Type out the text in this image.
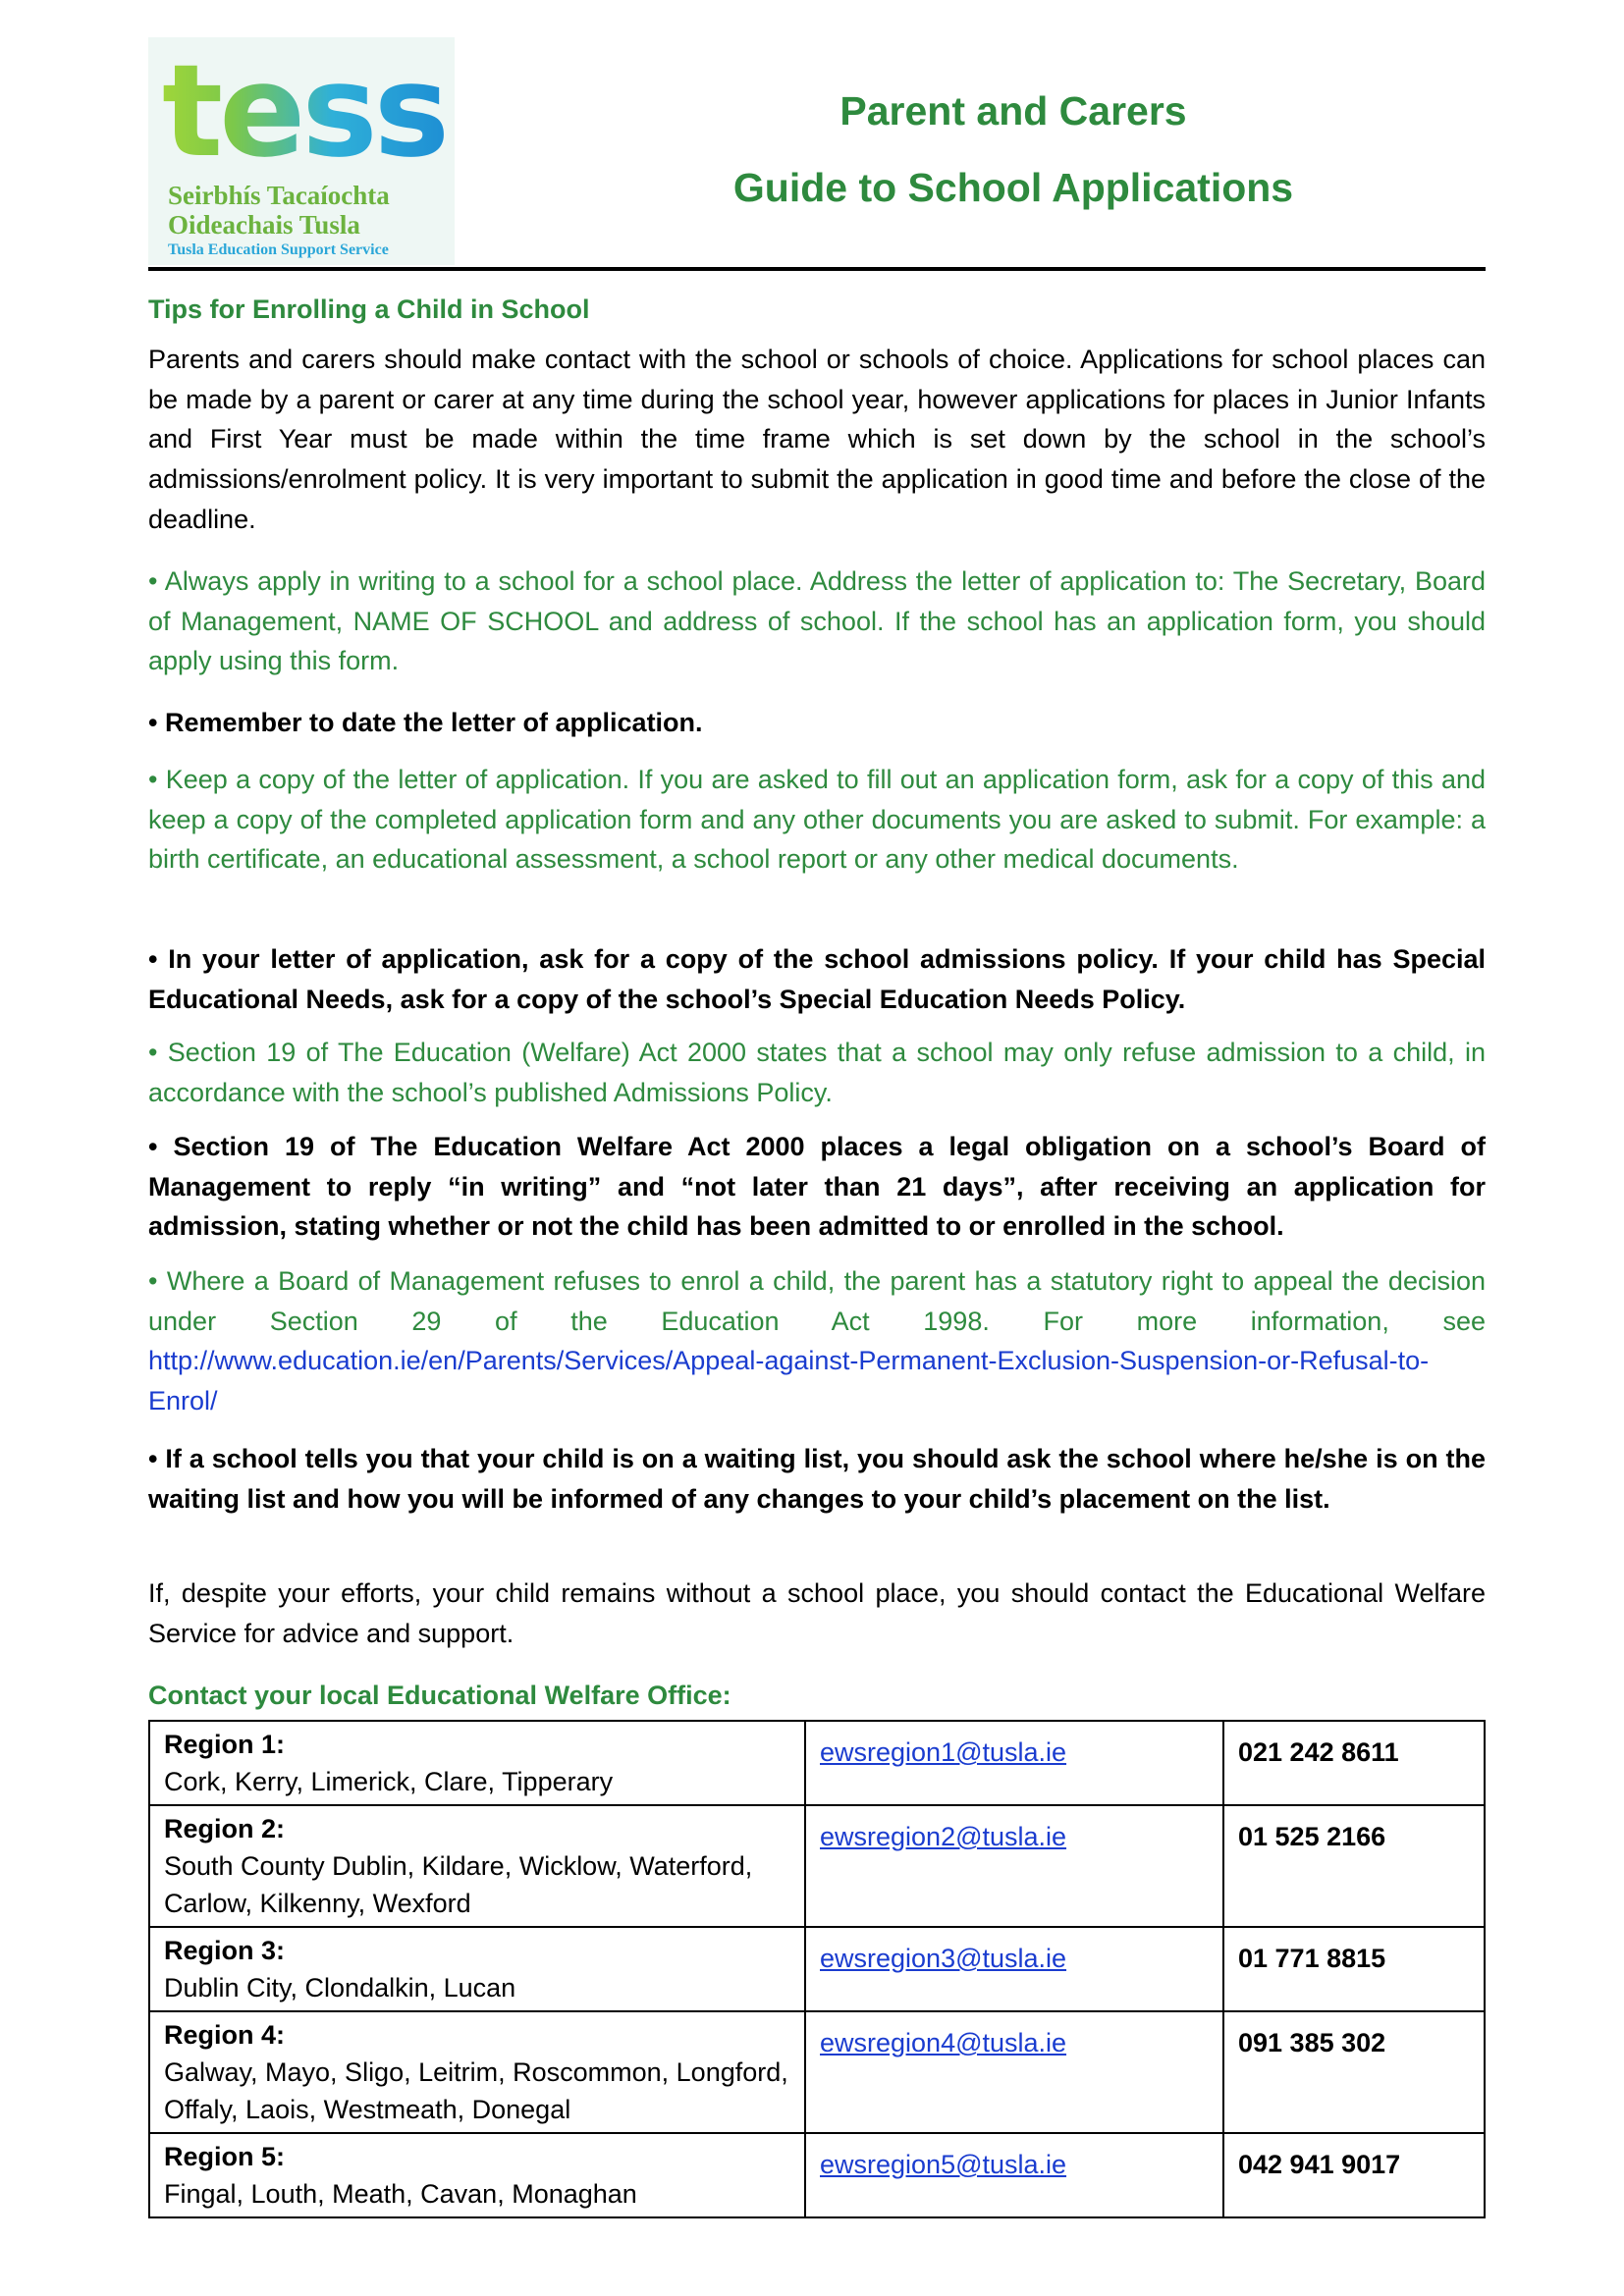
tess
Seirbhís Tacaíochta
Oideachais Tusla
Tusla Education Support Service
Parent and Carers
Guide to School Applications
Tips for Enrolling a Child in School

Parents and carers should make contact with the school or schools of choice. Applications for school places can be made by a parent or carer at any time during the school year, however applications for places in Junior Infants and First Year must be made within the time frame which is set down by the school in the school’s admissions/enrolment policy. It is very important to submit the application in good time and before the close of the deadline.

• Always apply in writing to a school for a school place. Address the letter of application to: The Secretary, Board of Management, NAME OF SCHOOL and address of school. If the school has an application form, you should apply using this form.

• Remember to date the letter of application.

• Keep a copy of the letter of application. If you are asked to fill out an application form, ask for a copy of this and keep a copy of the completed application form and any other documents you are asked to submit. For example: a birth certificate, an educational assessment, a school report or any other medical documents.

• In your letter of application, ask for a copy of the school admissions policy. If your child has Special Educational Needs, ask for a copy of the school’s Special Education Needs Policy.

• Section 19 of The Education (Welfare) Act 2000 states that a school may only refuse admission to a child, in accordance with the school’s published Admissions Policy.

• Section 19 of The Education Welfare Act 2000 places a legal obligation on a school’s Board of Management to reply “in writing” and “not later than 21 days”, after receiving an application for admission, stating whether or not the child has been admitted to or enrolled in the school.

• Where a Board of Management refuses to enrol a child, the parent has a statutory right to appeal the decision under Section 29 of the Education Act 1998. For more information, see http://www.education.ie/en/Parents/Services/Appeal-against-Permanent-Exclusion-Suspension-or-Refusal-to-Enrol/

• If a school tells you that your child is on a waiting list, you should ask the school where he/she is on the waiting list and how you will be informed of any changes to your child’s placement on the list.

If, despite your efforts, your child remains without a school place, you should contact the Educational Welfare Service for advice and support.

Contact your local Educational Welfare Office:
Region 1:
Cork, Kerry, Limerick, Clare, Tipperary	ewsregion1@tusla.ie	021 242 8611

Region 2:
South County Dublin, Kildare, Wicklow, Waterford, Carlow, Kilkenny, Wexford	ewsregion2@tusla.ie	01 525 2166

Region 3:
Dublin City, Clondalkin, Lucan	ewsregion3@tusla.ie	01 771 8815

Region 4:
Galway, Mayo, Sligo, Leitrim, Roscommon, Longford, Offaly, Laois, Westmeath, Donegal	ewsregion4@tusla.ie	091 385 302

Region 5:
Fingal, Louth, Meath, Cavan, Monaghan	ewsregion5@tusla.ie	042 941 9017
